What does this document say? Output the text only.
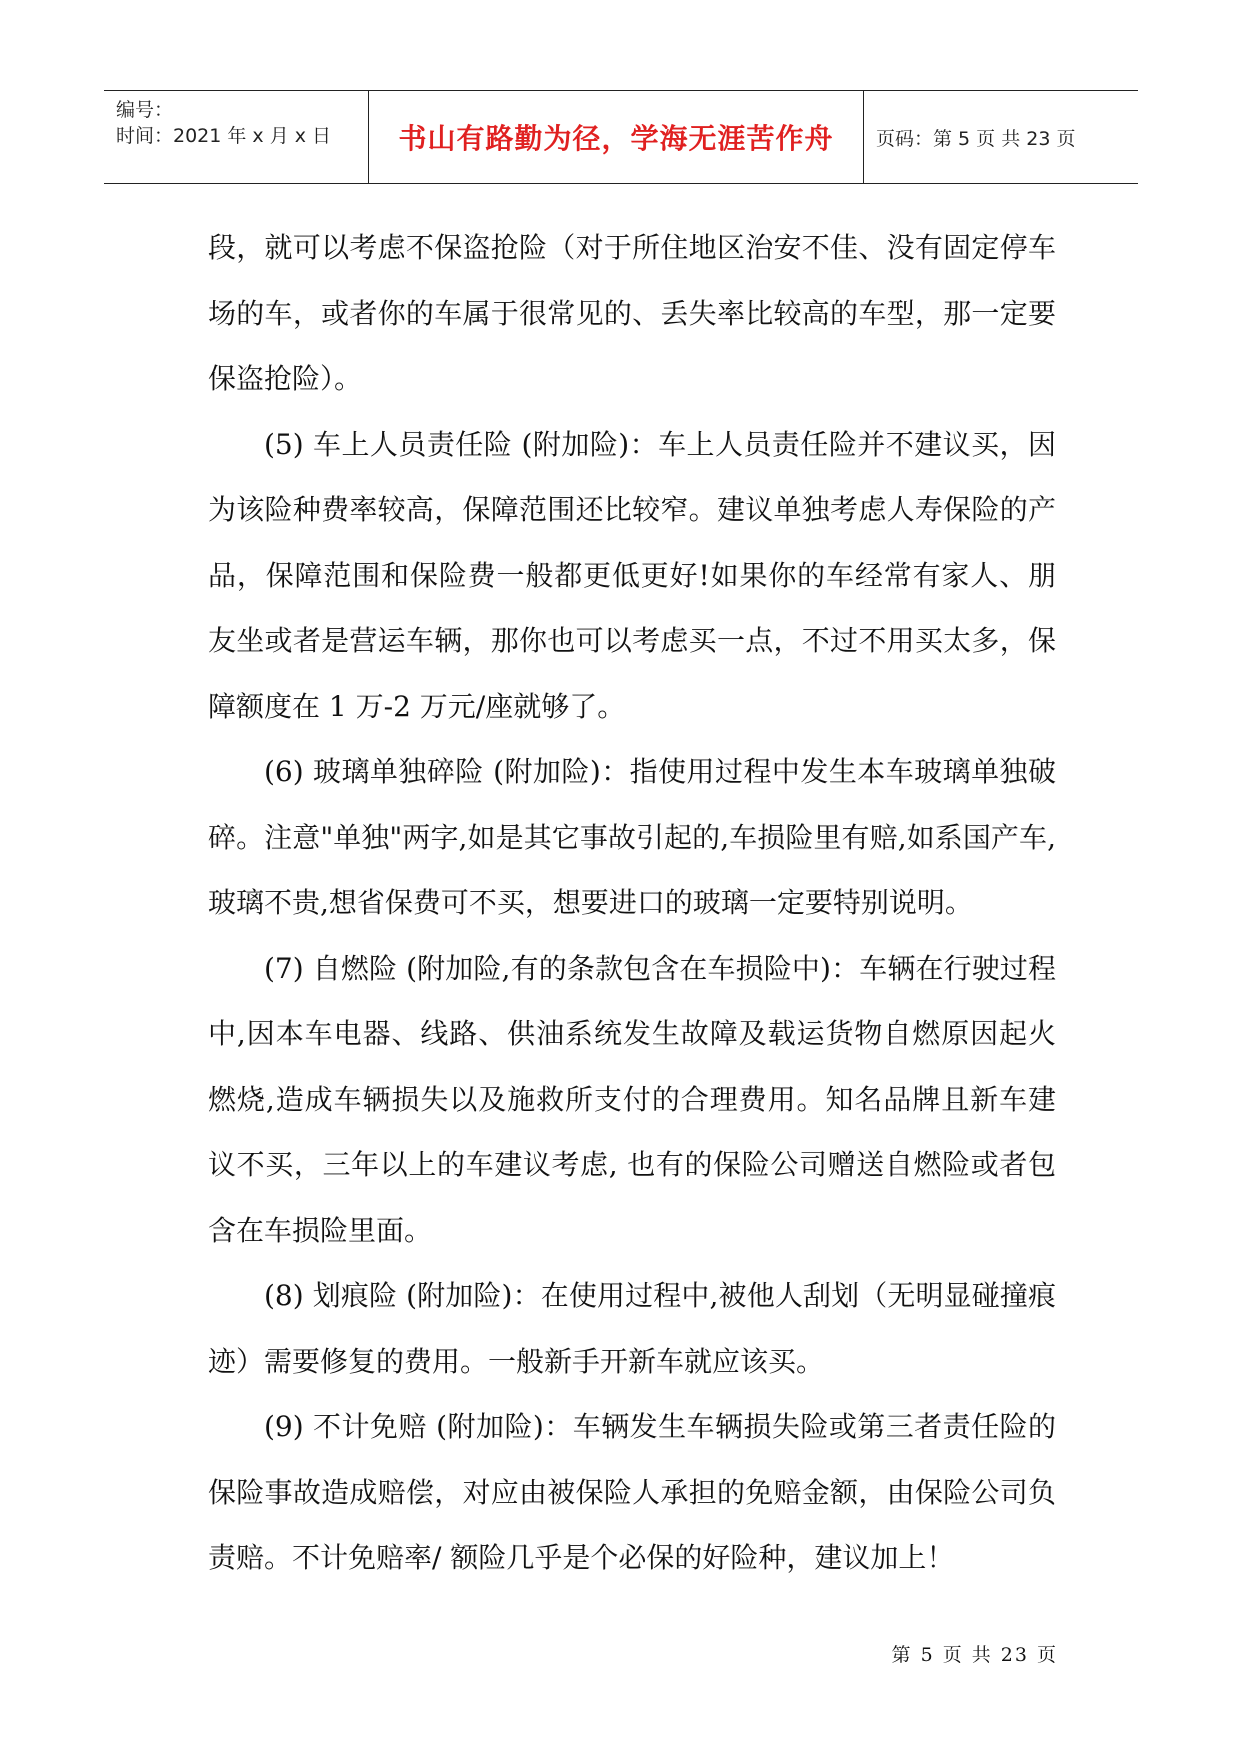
编号：
时间：2021 年 x 月 x 日 书山有路勤为径，学海无涯苦作舟 页码：第 5 页 共 23 页

段，就可以考虑不保盗抢险（对于所住地区治安不佳、没有固定停车场的车，或者你的车属于很常见的、丢失率比较高的车型，那一定要保盗抢险）。

(5) 车上人员责任险 (附加险)：车上人员责任险并不建议买，因为该险种费率较高，保障范围还比较窄。建议单独考虑人寿保险的产品，保障范围和保险费一般都更低更好!如果你的车经常有家人、朋友坐或者是营运车辆，那你也可以考虑买一点，不过不用买太多，保障额度在 1 万-2 万元/座就够了。

(6) 玻璃单独碎险 (附加险)：指使用过程中发生本车玻璃单独破碎。注意"单独"两字,如是其它事故引起的,车损险里有赔,如系国产车,玻璃不贵,想省保费可不买，想要进口的玻璃一定要特别说明。

(7) 自燃险 (附加险,有的条款包含在车损险中)：车辆在行驶过程中,因本车电器、线路、供油系统发生故障及载运货物自燃原因起火燃烧,造成车辆损失以及施救所支付的合理费用。知名品牌且新车建议不买，三年以上的车建议考虑, 也有的保险公司赠送自燃险或者包含在车损险里面。

(8) 划痕险 (附加险)：在使用过程中,被他人刮划（无明显碰撞痕迹）需要修复的费用。一般新手开新车就应该买。

(9) 不计免赔 (附加险)：车辆发生车辆损失险或第三者责任险的保险事故造成赔偿，对应由被保险人承担的免赔金额，由保险公司负责赔。不计免赔率/ 额险几乎是个必保的好险种，建议加上！

第 5 页 共 23 页
